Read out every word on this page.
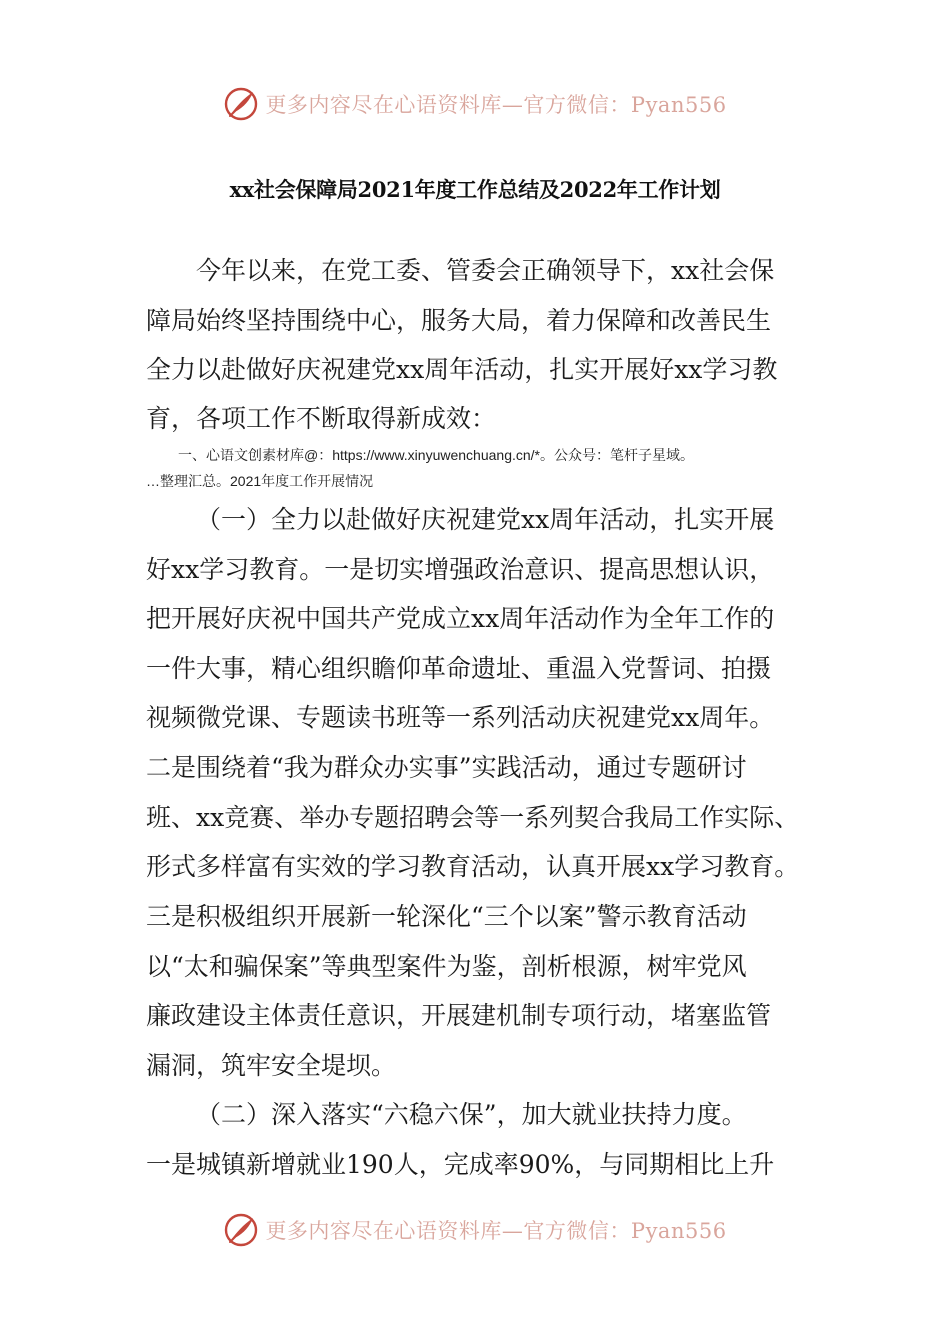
更多内容尽在心语资料库—官方微信：Pyan556
xx社会保障局2021年度工作总结及2022年工作计划
今年以来，在党工委、管委会正确领导下，xx社会保
障局始终坚持围绕中心，服务大局，着力保障和改善民生
全力以赴做好庆祝建党xx周年活动，扎实开展好xx学习教
育，各项工作不断取得新成效：
一、心语文创素材库@：https://www.xinyuwenchuang.cn/*。公众号：笔杆子星域。
…整理汇总。2021年度工作开展情况
（一）全力以赴做好庆祝建党xx周年活动，扎实开展
好xx学习教育。一是切实增强政治意识、提高思想认识，
把开展好庆祝中国共产党成立xx周年活动作为全年工作的
一件大事，精心组织瞻仰革命遗址、重温入党誓词、拍摄
视频微党课、专题读书班等一系列活动庆祝建党xx周年。
二是围绕着“我为群众办实事”实践活动，通过专题研讨
班、xx竞赛、举办专题招聘会等一系列契合我局工作实际、
形式多样富有实效的学习教育活动，认真开展xx学习教育。
三是积极组织开展新一轮深化“三个以案”警示教育活动
以“太和骗保案”等典型案件为鉴，剖析根源，树牢党风
廉政建设主体责任意识，开展建机制专项行动，堵塞监管
漏洞，筑牢安全堤坝。
（二）深入落实“六稳六保”，加大就业扶持力度。
一是城镇新增就业190人，完成率90%，与同期相比上升
更多内容尽在心语资料库—官方微信：Pyan556
